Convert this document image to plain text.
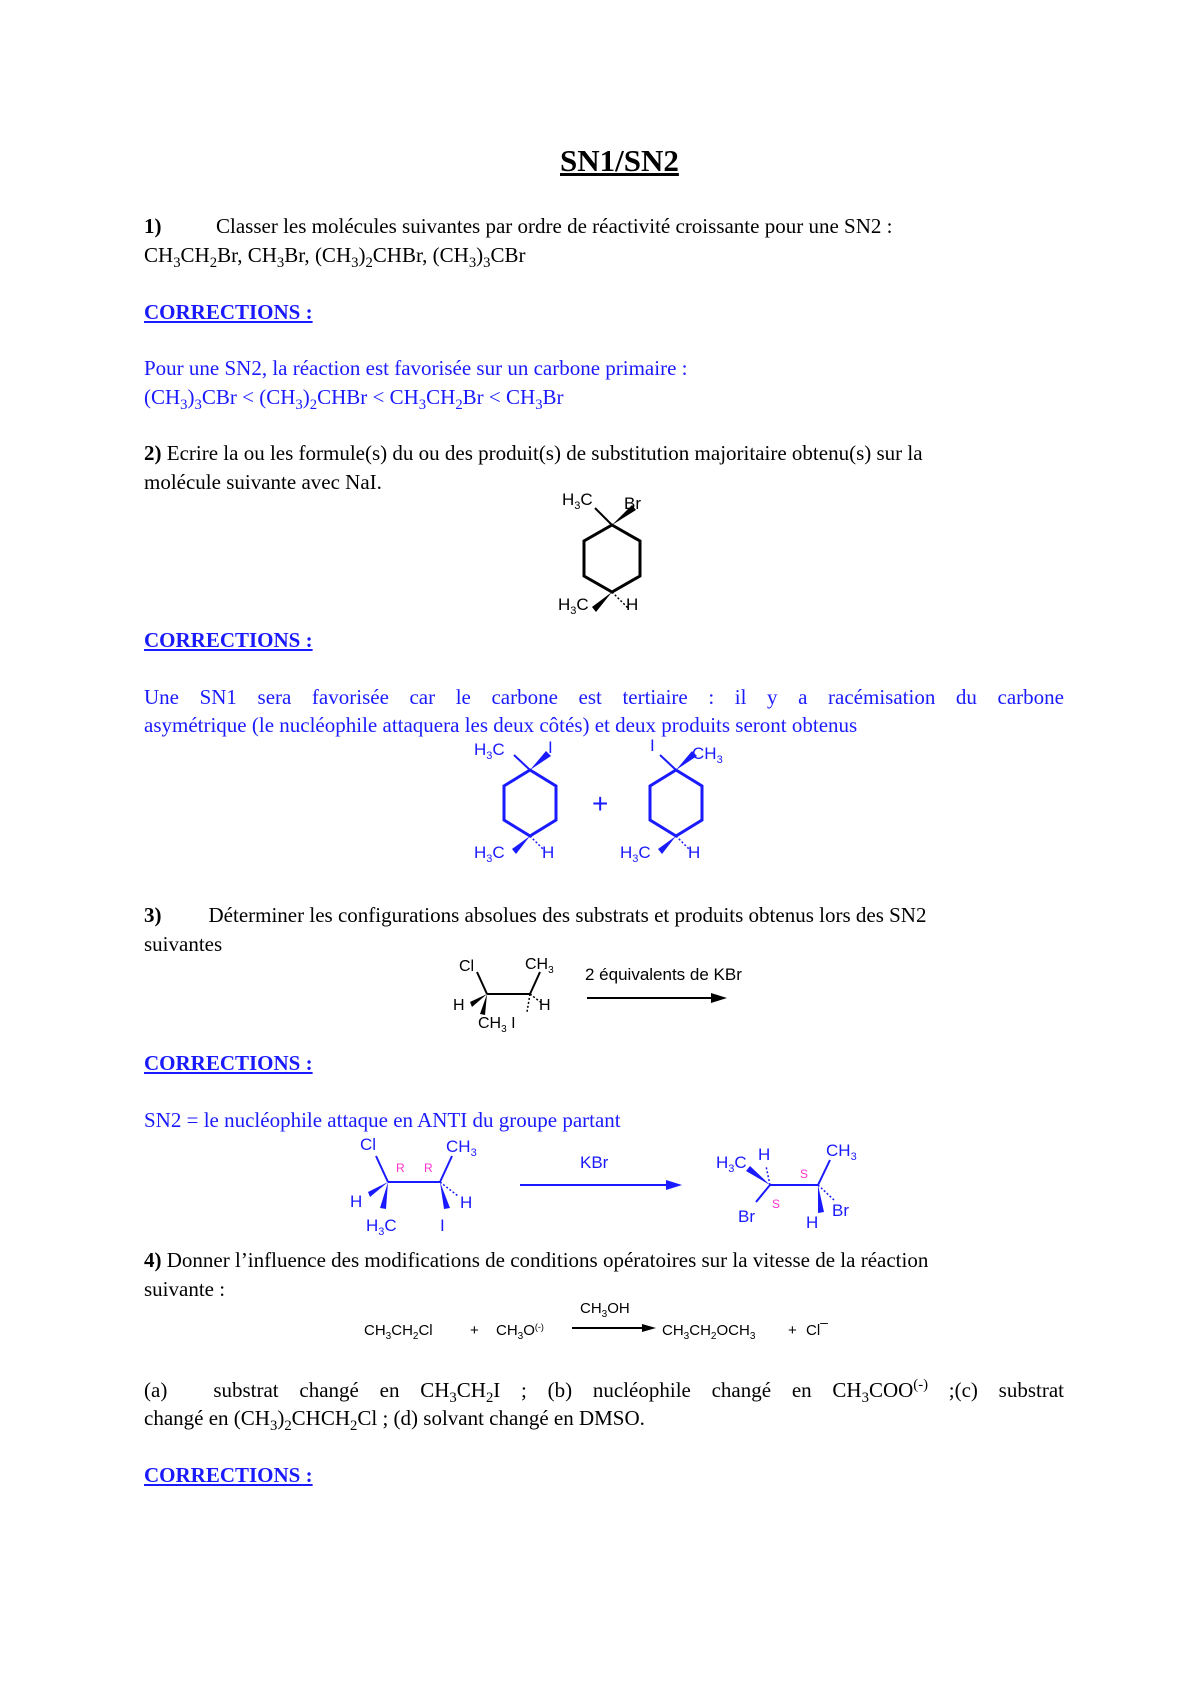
SN1/SN2
1)	Classer les molécules suivantes par ordre de réactivité croissante pour une SN2 :
$CH_3CH_2Br$, $CH_3Br$, $(CH_3)_2CHBr$, $(CH_3)_3CBr$
CORRECTIONS :
Pour une SN2, la réaction est favorisée sur un carbone primaire :
$(CH_3)_3CBr$ < $(CH_3)_2CHBr < CH_3CH_2Br < CH_3Br$
2) Ecrire la ou les formule(s) du ou des produit(s) de substitution majoritaire obtenu(s) sur la
molécule suivante avec NaI.
$H_3C$ Br
$H_3C$ H
CORRECTIONS :
Une SN1 sera favorisée car le carbone est tertiaire : il y a racémisation du carbone
asymétrique (le nucléophile attaquera les deux côtés) et deux produits seront obtenus
$H_3C$	I
$H_3C$ H
+
I $CH_3$
$H_3C$ H
3) Déterminer les configurations absolues des substrats et produits obtenus lors des SN2
suivantes
Cl	$CH_3$
H	H
$CH_3$ I
2 équivalents de KBr
CORRECTIONS :
SN2 = le nucléophile attaque en ANTI du groupe partant
Cl	$CH_3$
H	H
$H_3C$	I
KBr
R R	$H_3C$ H	$CH_3$
Br	H
Br
S
S
4) Donner l’influence des modifications de conditions opératoires sur la vitesse de la réaction
suivante :
$CH_3CH_2Cl + CH_3O^{(-)}$
$CH_3OH$
$CH_3CH_2OCH_3 + Cl-$
(a) substrat changé en $CH_3CH_2I$ ; (b) nucléophile changé en $CH_3COO^{(-)}$ ;(c) substrat
changé en $(CH_3)_2CHCH_2Cl$ ; (d) solvant changé en DMSO.
CORRECTIONS :
